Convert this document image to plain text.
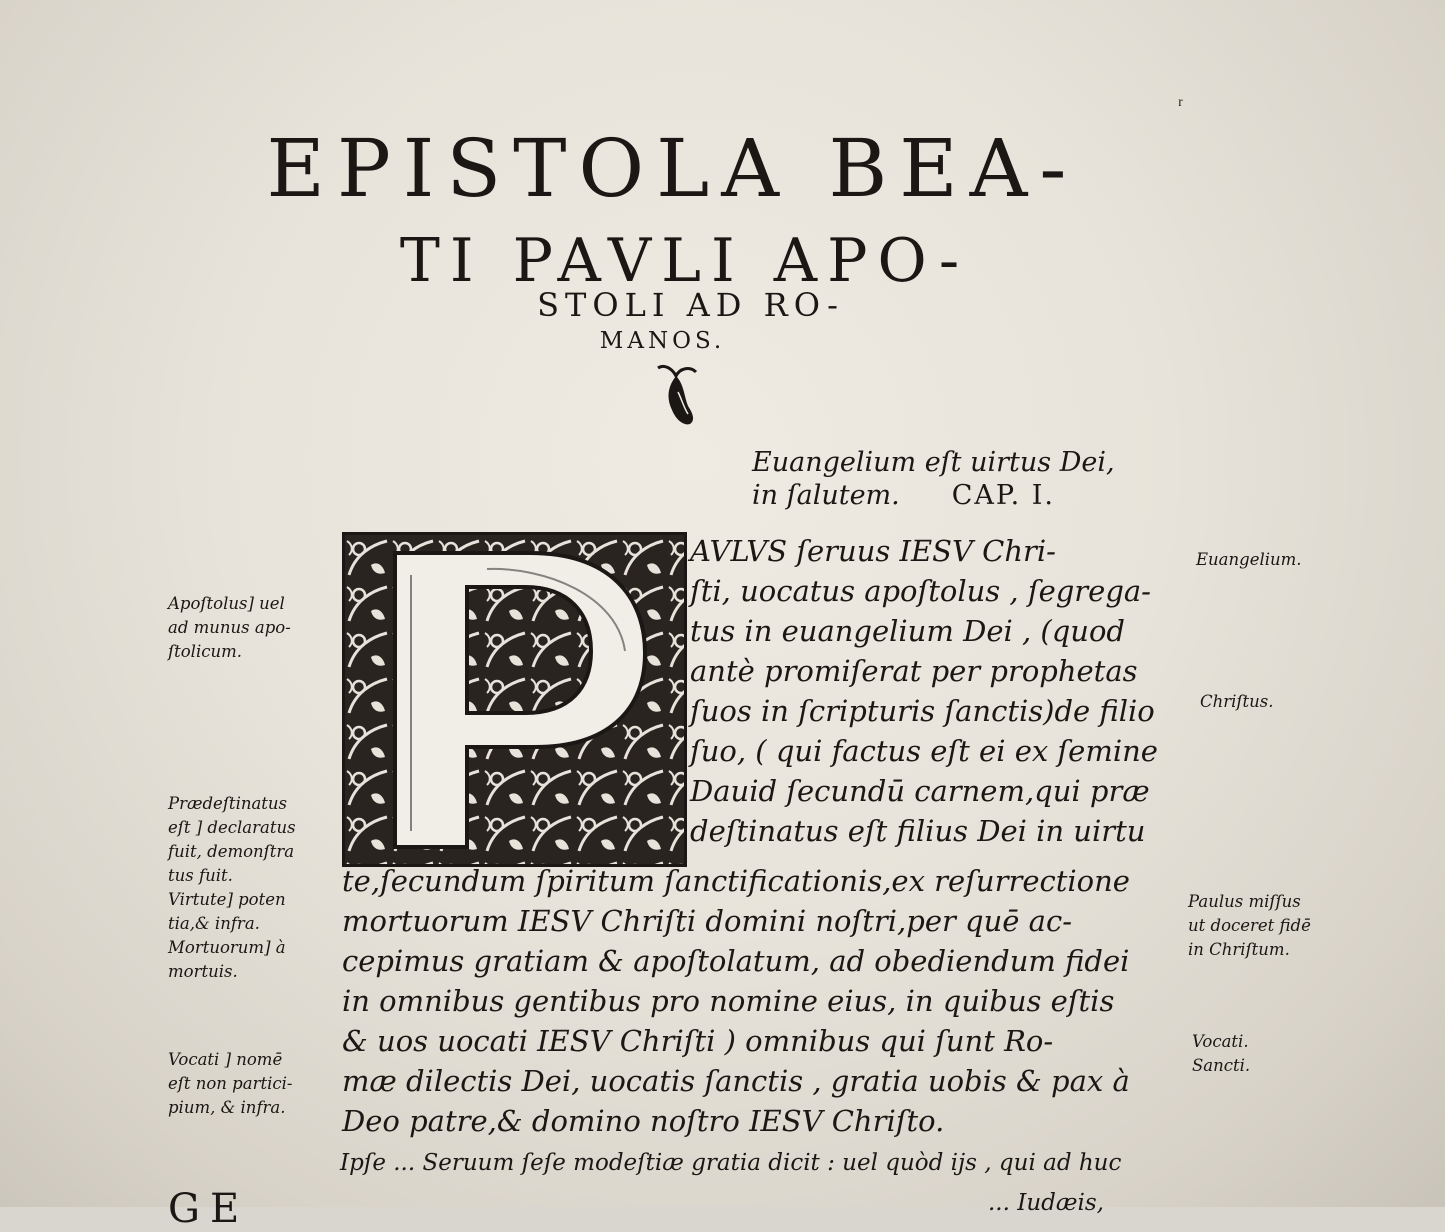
ʳ
EPISTOLA BEA-
TI PAVLI APO-
STOLI AD RO-
MANOS.
Euangelium eſt uirtus Dei,
in ſalutem. CAP. I.
AVLVS ſeruus IESV Chri-
ſti, uocatus apoſtolus , ſegrega-
tus in euangelium Dei , (quod
antè promiſerat per prophetas
ſuos in ſcripturis ſanctis)de filio
ſuo, ( qui factus eſt ei ex ſemine
Dauid ſecundū carnem,qui præ
deſtinatus eſt filius Dei in uirtu
te,ſecundum ſpiritum ſanctificationis,ex reſurrectione
mortuorum IESV Chriſti domini noſtri,per quē ac-
cepimus gratiam & apoſtolatum, ad obediendum fidei
in omnibus gentibus pro nomine eius, in quibus eſtis
& uos uocati IESV Chriſti ) omnibus qui ſunt Ro-
mæ dilectis Dei, uocatis ſanctis , gratia uobis & pax à
Deo patre,& domino noſtro IESV Chriſto.
Apoſtolus] uel
ad munus apo-
ſtolicum.
Prædeſtinatus
eſt ] declaratus
fuit, demonſtra
tus fuit.
Virtute] poten
tia,& infra.
Mortuorum] à
mortuis.
Vocati ] nomē
eſt non partici-
pium, & infra.
Euangelium.
Chriſtus.
Paulus miſſus
ut doceret fidē
in Chriſtum.
Vocati.
Sancti.
Ipſe ... Seruum ſeſe modeſtiæ gratia dicit : uel quòd ijs , qui ad huc
... Iudæis,
GE
